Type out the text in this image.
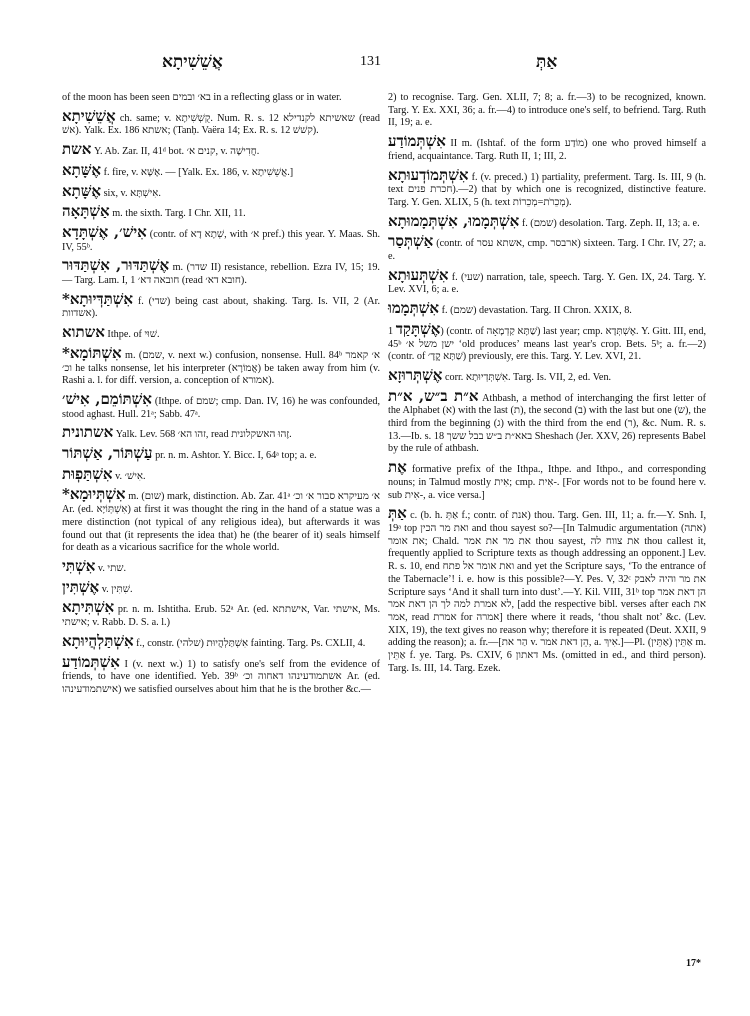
אֲשֵׁשִׁיתָא	131	אַתְּ

of the moon has been seen בא׳ ובמים in a reflecting glass or in water.

אֲשֵׁשִׁיתָא ch. same; v. קֻשְׁשִׁיתָא. Num. R. s. 12 שאשיתא לקנדילא (read אשׁ). Yalk. Ex. 186 אשתא; (Tanḥ. Vaëra 14; Ex. R. s. 12 קשׁשׁ).

אשת Y. Ab. Zar. II, 41ᵈ bot. קנים א׳, v. חֲדִישָׁה.

אֶשָּׁתָא f. fire, v. אֶשָּׁא. — [Yalk. Ex. 186, v. אֲשֵׁשִׁיתָא.]

אֶשָּׁתָא six, v. אִישְׁתָּא.

אַשְׁתָּאָה m. the sixth. Targ. I Chr. XII, 11.

אִישׁ׳, אֶשְׁתָּדָא (contr. of שְׁתָא דָא, with א׳ pref.) this year. Y. Maas. Sh. IV, 55ᵇ.

אֶשְׁתַּדּוּר, אִשְׁתַּדּוּר m. (שדר II) resistance, rebellion. Ezra IV, 15; 19. — Targ. Lam. I, 1 חובאה דא׳ (read חובא דא׳).

*אִשְׁתַּדְּיוּתָא f. (שדי) being cast about, shaking. Targ. Is. VII, 2 (Ar. אשדוות).

אשתוא Ithpe. of שׁוּי.

*אִשְׁתּוֹמָא m. (שמם, v. next w.) confusion, nonsense. Hull. 84ᵇ א׳ קאמר וכ׳ he talks nonsense, let his interpreter (אֲמוֹרָא) be taken away from him (v. Rashi a. l. for diff. version, a. conception of אמורא).

אִשְׁתּוֹמֵם, אִישׁ׳ (Ithpe. of שמם; cmp. Dan. IV, 16) he was confounded, stood aghast. Hull. 21ᵃ; Sabb. 47ᵃ.

אשתונית Yalk. Lev. 568 זהו הא׳, read זֶהוּ האשקלונית.

עַשְׁתּוֹר, אַשְׁתּוֹר pr. n. m. Ashtor. Y. Bicc. I, 64ᵃ top; a. e.

אִשְׁתַּפְוּת v. אִישׁ׳.

*אִשְׁתְּיוּמָא m. (שום) mark, distinction. Ab. Zar. 41ᵃ א׳ מעיקרא סבור א׳ וכ׳ Ar. (ed. אִשְׁתְּוֹיָא) at first it was thought the ring in the hand of a statue was a mere distinction (not typical of any religious idea), but afterwards it was found out that (it represents the idea that) he (the bearer of it) seals himself for death as a vicarious sacrifice for the whole world.

אִשְׁתִּי v. שתי.

אֶשְׁתִּין v. שִׁתִּין.

אִשְׁתִּיתָא pr. n. m. Ishtitha. Erub. 52ᵃ Ar. (ed. אישתתא, Var. אישתי, Ms. אישתי; v. Rabb. D. S. a. l.)

אִשְׁתַּלְהֲיוּתָא f., constr. אִשְׁתַּלְהֲיוּת (שלהי) fainting. Targ. Ps. CXLII, 4.

אִשְׁתְּמוֹדַע I (v. next w.) 1) to satisfy one's self from the evidence of friends, to have one identified. Yeb. 39ᵇ אשתמודעינהו דאחוה וכ׳ Ar. (ed. אישתמודעינהו) we satisfied ourselves about him that he is the brother &c.—

2) to recognise. Targ. Gen. XLII, 7; 8; a. fr.—3) to be recognized, known. Targ. Y. Ex. XXI, 36; a. fr.—4) to introduce one's self, to befriend. Targ. Ruth II, 19; a. e.

אִשְׁתְּמוֹדַע II m. (Ishtaf. of the form מוֹדַע) one who proved himself a friend, acquaintance. Targ. Ruth II, 1; III, 2.

אִשְׁתְּמוֹדְעוּתָא f. (v. preced.) 1) partiality, preferment. Targ. Is. III, 9 (h. text חכרת פנים).—2) that by which one is recognized, distinctive feature. Targ. Y. Gen. XLIX, 5 (h. text מְכֵרֹת=מְכֵרוֹת).

אִשְׁתְּמָמוּ, אִשְׁתְּמָמוּתָא f. (שמם) desolation. Targ. Zeph. II, 13; a. e.

אַשְׁתְּסַר (contr. of אשתא עסר, cmp. ארבסר) sixteen. Targ. I Chr. IV, 27; a. e.

אִשְׁתְּעוּתָא f. (שעי) narration, tale, speech. Targ. Y. Gen. IX, 24. Targ. Y. Lev. XVI, 6; a. e.

אִשְׁתְּמָמוּ f. (שמם) devastation. Targ. II Chron. XXIX, 8.

אֶשְׁתָּקַד 1) (contr. of שַׁתָּא קַדְמָאָה) last year; cmp. אֶשְׁתְּדָא. Y. Gitt. III, end, 45ᵇ ישן משל א׳ ‘old produces’ means last year's crop. Bets. 5ᵇ; a. fr.—2) (contr. of שַׁתָּא קֳדָ׳) previously, ere this. Targ. Y. Lev. XVI, 21.

אֶשְׁתְּרוּזָא corr. אִשְׁתְּדְיוּתָא. Targ. Is. VII, 2, ed. Ven.

א״ת ב״ש, א״ת Athbash, a method of interchanging the first letter of the Alphabet (א) with the last (ת), the second (ב) with the last but one (ש), the third from the beginning (ג) with the third from the end (ר), &c. Num. R. s. 13.—Ib. s. 18 באא״ת ב״ש בבל ששך Sheshach (Jer. XXV, 26) represents Babel by the rule of athbash.

אֶת formative prefix of the Ithpa., Ithpe. and Ithpo., and corresponding nouns; in Talmud mostly אִית; cmp. אִית-. [For words not to be found here v. sub אִית-, a. vice versa.]

אַתְּ c. (b. h. אַתְּ f.; contr. of אנת) thou. Targ. Gen. III, 11; a. fr.—Y. Snh. I, 19ᵃ top ואת מר הכין and thou sayest so?—[In Talmudic argumentation (אתה) את אומר; Chald. את מר את אמר thou sayest, את צווח לה thou callest it, frequently applied to Scripture texts as though addressing an opponent.] Lev. R. s. 10, end ואת אומר אל פתח and yet the Scripture says, ‘To the entrance of the Tabernacle’! i. e. how is this possible?—Y. Pes. V, 32ᶜ את מר והיה לאבק Scripture says ‘And it shall turn into dust’.—Y. Kil. VIII, 31ᵇ top הן דאת אמר לא אמרת למה לך הן דאת אמר, [add the respective bibl. verses after each את אמר, read אמרת for אמרה] there where it reads, ‘thou shalt not’ &c. (Lev. XIX, 19), the text gives no reason why; therefore it is repeated (Deut. XXII, 9 adding the reason); a. fr.—[הַר את v. הֵן דאת אמר, a. אִיךְ.]—Pl. (אַתֵּין) אַתֵּין m. אַתֵּין f. ye. Targ. Ps. CXIV, 6 דאתון Ms. (omitted in ed., and third person). Targ. Is. III, 14. Targ. Ezek.

17*
